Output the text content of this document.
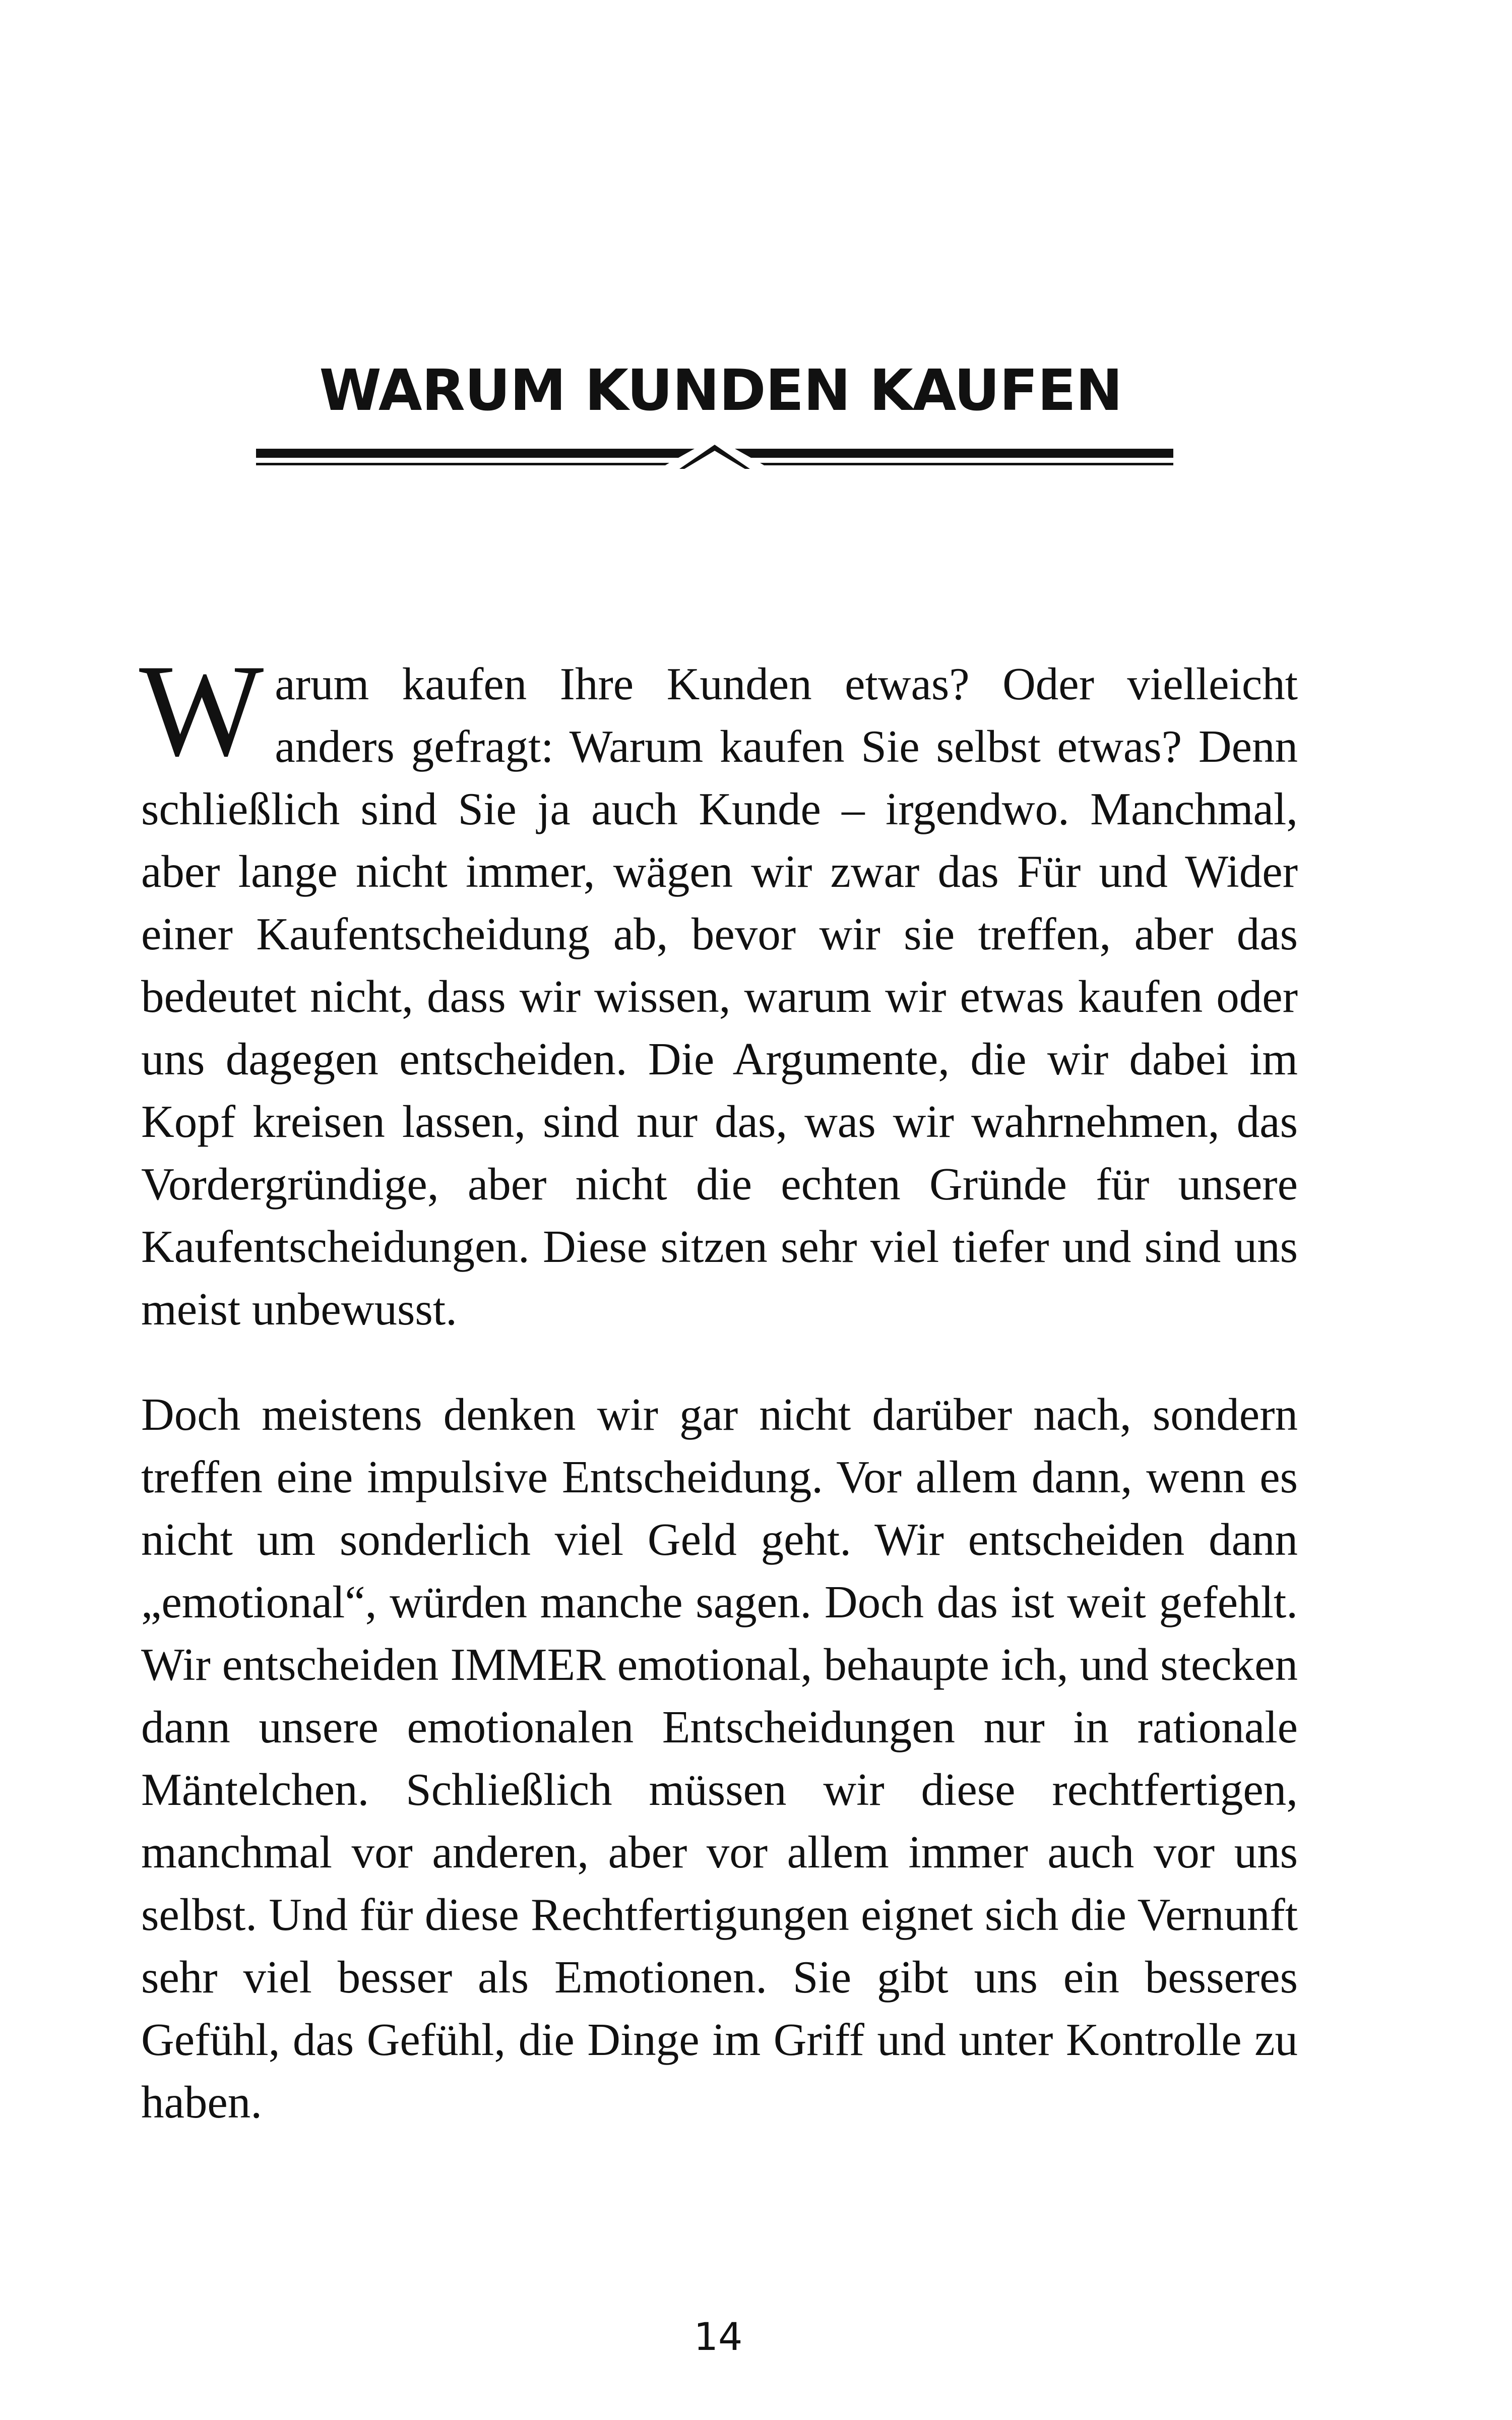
WARUM KUNDEN KAUFEN

Warum kaufen Ihre Kunden etwas? Oder vielleicht anders gefragt: Warum kaufen Sie selbst etwas? Denn schließlich sind Sie ja auch Kunde – irgendwo. Manchmal, aber lange nicht immer, wägen wir zwar das Für und Wider einer Kaufentscheidung ab, bevor wir sie treffen, aber das bedeutet nicht, dass wir wissen, warum wir etwas kaufen oder uns dagegen entscheiden. Die Argumente, die wir dabei im Kopf kreisen lassen, sind nur das, was wir wahrnehmen, das Vordergründige, aber nicht die echten Gründe für unsere Kaufentscheidungen. Diese sitzen sehr viel tiefer und sind uns meist unbewusst.

Doch meistens denken wir gar nicht darüber nach, sondern treffen eine impulsive Entscheidung. Vor allem dann, wenn es nicht um sonderlich viel Geld geht. Wir entscheiden dann „emotional“, würden manche sagen. Doch das ist weit gefehlt. Wir entscheiden IMMER emotional, behaupte ich, und stecken dann unsere emotionalen Entscheidungen nur in rationale Mäntelchen. Schließlich müssen wir diese rechtfertigen, manchmal vor anderen, aber vor allem immer auch vor uns selbst. Und für diese Rechtfertigungen eignet sich die Vernunft sehr viel besser als Emotionen. Sie gibt uns ein besseres Gefühl, das Gefühl, die Dinge im Griff und unter Kontrolle zu haben.

14
